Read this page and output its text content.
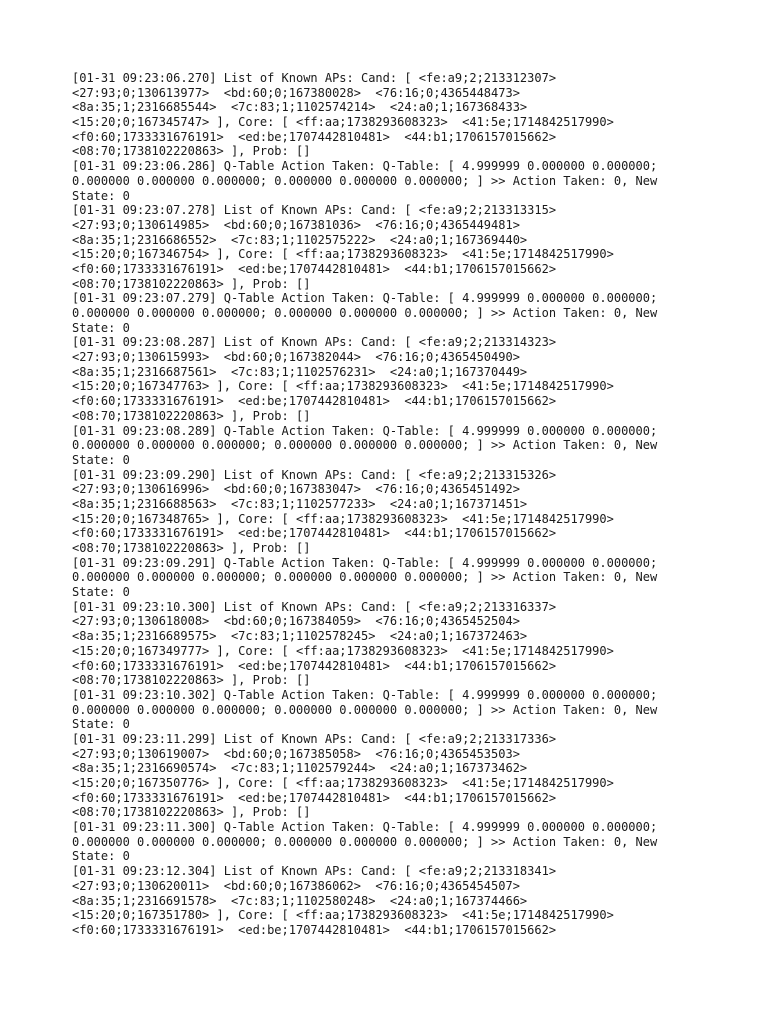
[01-31 09:23:06.270] List of Known APs: Cand: [ <fe:a9;2;213312307>
<27:93;0;130613977>  <bd:60;0;167380028>  <76:16;0;4365448473>
<8a:35;1;2316685544>  <7c:83;1;1102574214>  <24:a0;1;167368433>
<15:20;0;167345747> ], Core: [ <ff:aa;1738293608323>  <41:5e;1714842517990>
<f0:60;1733331676191>  <ed:be;1707442810481>  <44:b1;1706157015662>
<08:70;1738102220863> ], Prob: []
[01-31 09:23:06.286] Q-Table Action Taken: Q-Table: [ 4.999999 0.000000 0.000000;
0.000000 0.000000 0.000000; 0.000000 0.000000 0.000000; ] >> Action Taken: 0, New
State: 0
[01-31 09:23:07.278] List of Known APs: Cand: [ <fe:a9;2;213313315>
<27:93;0;130614985>  <bd:60;0;167381036>  <76:16;0;4365449481>
<8a:35;1;2316686552>  <7c:83;1;1102575222>  <24:a0;1;167369440>
<15:20;0;167346754> ], Core: [ <ff:aa;1738293608323>  <41:5e;1714842517990>
<f0:60;1733331676191>  <ed:be;1707442810481>  <44:b1;1706157015662>
<08:70;1738102220863> ], Prob: []
[01-31 09:23:07.279] Q-Table Action Taken: Q-Table: [ 4.999999 0.000000 0.000000;
0.000000 0.000000 0.000000; 0.000000 0.000000 0.000000; ] >> Action Taken: 0, New
State: 0
[01-31 09:23:08.287] List of Known APs: Cand: [ <fe:a9;2;213314323>
<27:93;0;130615993>  <bd:60;0;167382044>  <76:16;0;4365450490>
<8a:35;1;2316687561>  <7c:83;1;1102576231>  <24:a0;1;167370449>
<15:20;0;167347763> ], Core: [ <ff:aa;1738293608323>  <41:5e;1714842517990>
<f0:60;1733331676191>  <ed:be;1707442810481>  <44:b1;1706157015662>
<08:70;1738102220863> ], Prob: []
[01-31 09:23:08.289] Q-Table Action Taken: Q-Table: [ 4.999999 0.000000 0.000000;
0.000000 0.000000 0.000000; 0.000000 0.000000 0.000000; ] >> Action Taken: 0, New
State: 0
[01-31 09:23:09.290] List of Known APs: Cand: [ <fe:a9;2;213315326>
<27:93;0;130616996>  <bd:60;0;167383047>  <76:16;0;4365451492>
<8a:35;1;2316688563>  <7c:83;1;1102577233>  <24:a0;1;167371451>
<15:20;0;167348765> ], Core: [ <ff:aa;1738293608323>  <41:5e;1714842517990>
<f0:60;1733331676191>  <ed:be;1707442810481>  <44:b1;1706157015662>
<08:70;1738102220863> ], Prob: []
[01-31 09:23:09.291] Q-Table Action Taken: Q-Table: [ 4.999999 0.000000 0.000000;
0.000000 0.000000 0.000000; 0.000000 0.000000 0.000000; ] >> Action Taken: 0, New
State: 0
[01-31 09:23:10.300] List of Known APs: Cand: [ <fe:a9;2;213316337>
<27:93;0;130618008>  <bd:60;0;167384059>  <76:16;0;4365452504>
<8a:35;1;2316689575>  <7c:83;1;1102578245>  <24:a0;1;167372463>
<15:20;0;167349777> ], Core: [ <ff:aa;1738293608323>  <41:5e;1714842517990>
<f0:60;1733331676191>  <ed:be;1707442810481>  <44:b1;1706157015662>
<08:70;1738102220863> ], Prob: []
[01-31 09:23:10.302] Q-Table Action Taken: Q-Table: [ 4.999999 0.000000 0.000000;
0.000000 0.000000 0.000000; 0.000000 0.000000 0.000000; ] >> Action Taken: 0, New
State: 0
[01-31 09:23:11.299] List of Known APs: Cand: [ <fe:a9;2;213317336>
<27:93;0;130619007>  <bd:60;0;167385058>  <76:16;0;4365453503>
<8a:35;1;2316690574>  <7c:83;1;1102579244>  <24:a0;1;167373462>
<15:20;0;167350776> ], Core: [ <ff:aa;1738293608323>  <41:5e;1714842517990>
<f0:60;1733331676191>  <ed:be;1707442810481>  <44:b1;1706157015662>
<08:70;1738102220863> ], Prob: []
[01-31 09:23:11.300] Q-Table Action Taken: Q-Table: [ 4.999999 0.000000 0.000000;
0.000000 0.000000 0.000000; 0.000000 0.000000 0.000000; ] >> Action Taken: 0, New
State: 0
[01-31 09:23:12.304] List of Known APs: Cand: [ <fe:a9;2;213318341>
<27:93;0;130620011>  <bd:60;0;167386062>  <76:16;0;4365454507>
<8a:35;1;2316691578>  <7c:83;1;1102580248>  <24:a0;1;167374466>
<15:20;0;167351780> ], Core: [ <ff:aa;1738293608323>  <41:5e;1714842517990>
<f0:60;1733331676191>  <ed:be;1707442810481>  <44:b1;1706157015662>
